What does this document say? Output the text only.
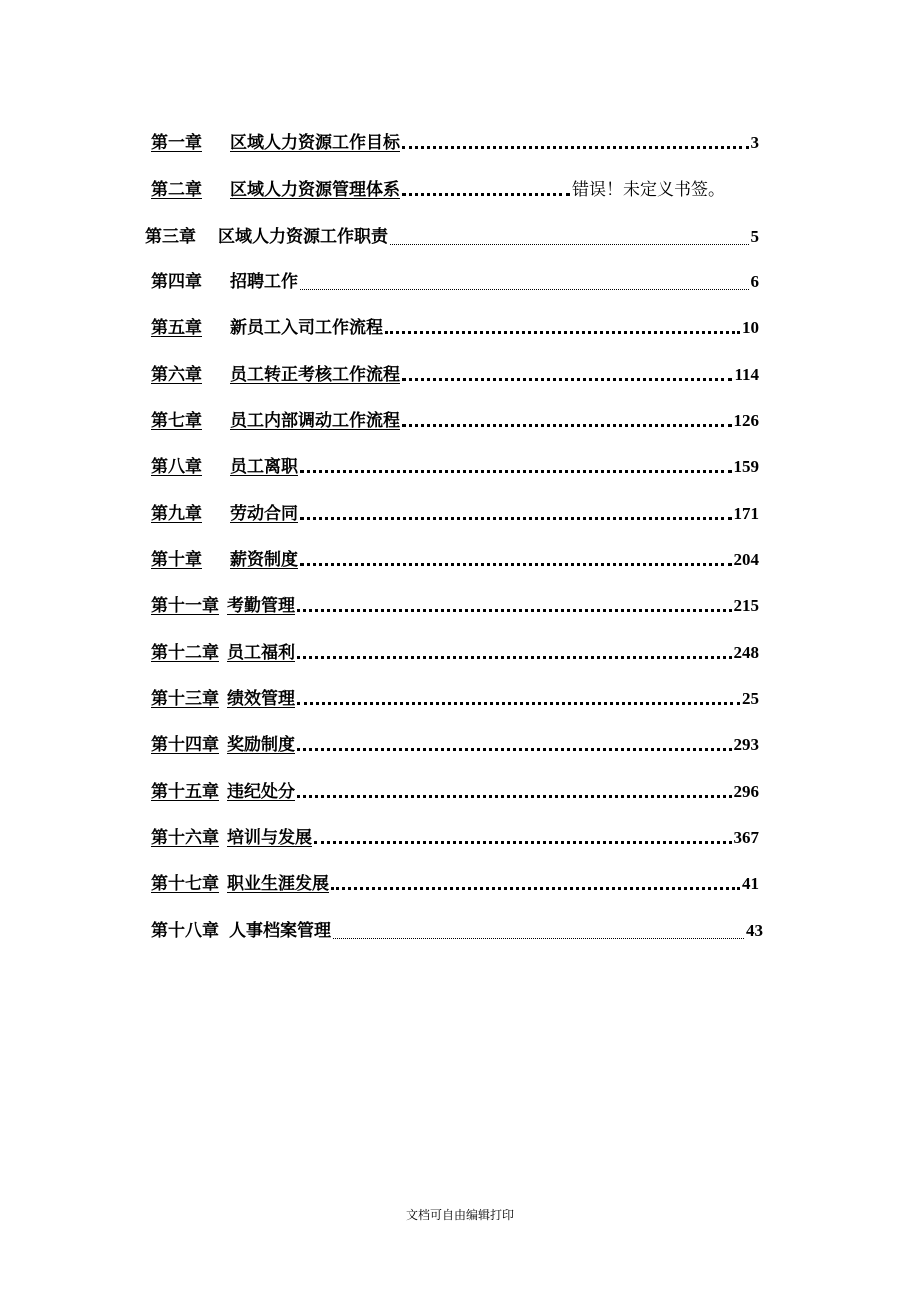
第一章 区域人力资源工作目标	3
第二章 区域人力资源管理体系	错误！未定义书签。
第三章 区域人力资源工作职责	5
第四章 招聘工作	6
第五章 新员工入司工作流程	10
第六章 员工转正考核工作流程	114
第七章 员工内部调动工作流程	126
第八章 员工离职	159
第九章 劳动合同	171
第十章 薪资制度	204
第十一章 考勤管理	215
第十二章 员工福利	248
第十三章 绩效管理	25
第十四章 奖励制度	293
第十五章 违纪处分	296
第十六章 培训与发展	367
第十七章 职业生涯发展	41
第十八章 人事档案管理	43
文档可自由编辑打印
